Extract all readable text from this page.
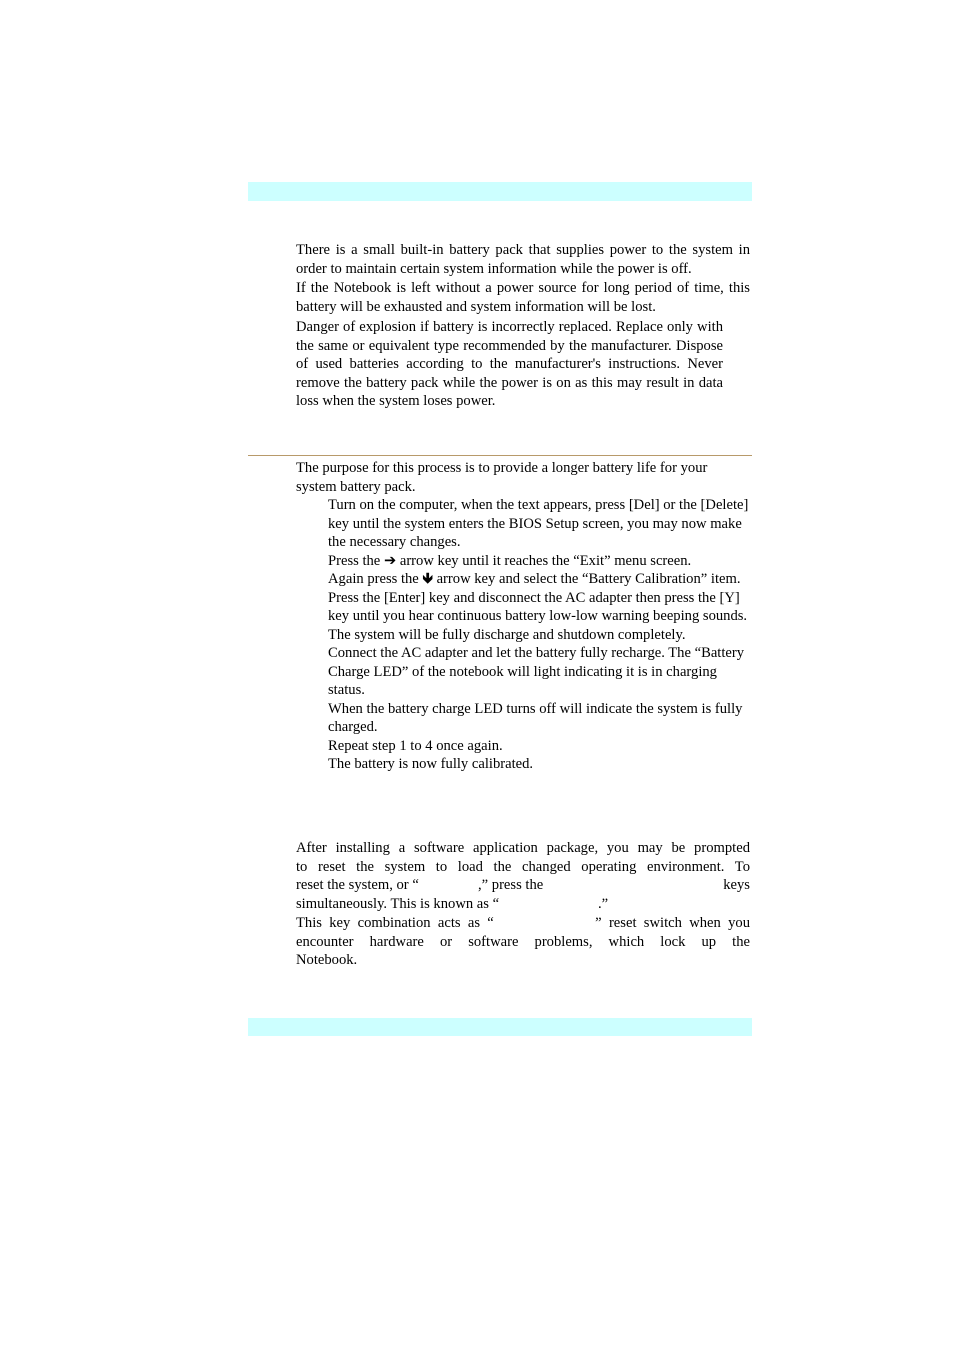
There is a small built-in battery pack that supplies power to the system in order to maintain certain system information while the power is off.

If the Notebook is left without a power source for long period of time, this battery will be exhausted and system information will be lost.

Danger of explosion if battery is incorrectly replaced. Replace only with the same or equivalent type recommended by the manufacturer. Dispose of used batteries according to the manufacturer's instructions. Never remove the battery pack while the power is on as this may result in data loss when the system loses power.

The purpose for this process is to provide a longer battery life for your system battery pack.

Turn on the computer, when the text appears, press [Del] or the [Delete] key until the system enters the BIOS Setup screen, you may now make the necessary changes.
Press the ➔ arrow key until it reaches the “Exit” menu screen.
Again press the 🡻 arrow key and select the “Battery Calibration” item.
Press the [Enter] key and disconnect the AC adapter then press the [Y] key until you hear continuous battery low-low warning beeping sounds. The system will be fully discharge and shutdown completely.
Connect the AC adapter and let the battery fully recharge. The “Battery Charge LED” of the notebook will light indicating it is in charging status.
When the battery charge LED turns off will indicate the system is fully charged.
Repeat step 1 to 4 once again.
The battery is now fully calibrated.
After installing a software application package, you may be prompted
to reset the system to load the changed operating environment. To
reset the system, or “	,” press the	keys
simultaneously. This is known as “	.”
This  key  combination  acts  as  “	”  reset  switch  when  you
encounter hardware or software problems, which lock up the
Notebook.
